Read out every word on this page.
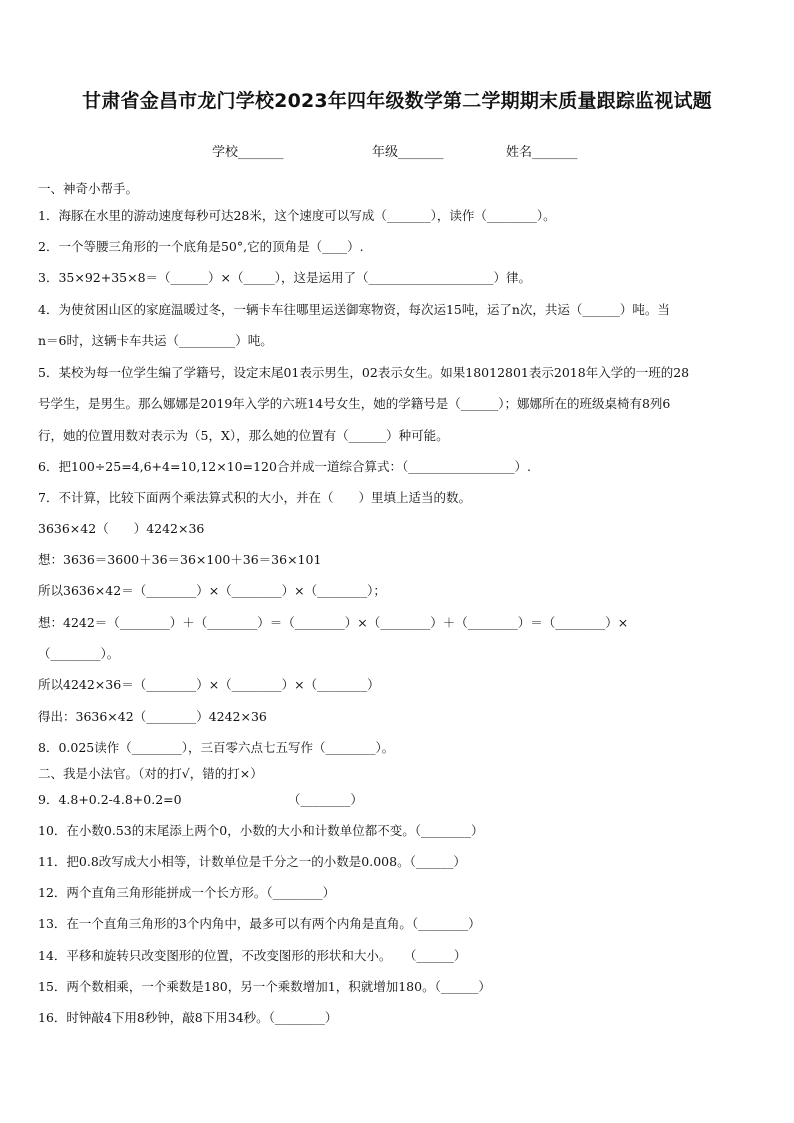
甘肃省金昌市龙门学校2023年四年级数学第二学期期末质量跟踪监视试题
学校_______	年级_______	姓名_______
一、神奇小帮手。
1．海豚在水里的游动速度每秒可达28米，这个速度可以写成（_______），读作（________）。
2．一个等腰三角形的一个底角是50°,它的顶角是（____）.
3．35×92+35×8＝（______）×（_____），这是运用了（____________________）律。
4．为使贫困山区的家庭温暖过冬，一辆卡车往哪里运送御寒物资，每次运15吨，运了n次，共运（______）吨。当
n＝6时，这辆卡车共运（_________）吨。
5．某校为每一位学生编了学籍号，设定末尾01表示男生，02表示女生。如果18012801表示2018年入学的一班的28
号学生，是男生。那么娜娜是2019年入学的六班14号女生，她的学籍号是（______）；娜娜所在的班级桌椅有8列6
行，她的位置用数对表示为（5，X），那么她的位置有（______）种可能。
6．把100÷25=4,6+4=10,12×10=120合并成一道综合算式：（_________________）.
7．不计算，比较下面两个乘法算式积的大小，并在（　　）里填上适当的数。
3636×42（　　）4242×36
想：3636＝3600＋36＝36×100＋36＝36×101
所以3636×42＝（________）×（________）×（________）；
想：4242＝（________）＋（________）＝（________）×（________）＋（________）＝（________）×
（________）。
所以4242×36＝（________）×（________）×（________）
得出：3636×42（________）4242×36
8．0.025读作（________），三百零六点七五写作（________）。
二、我是小法官。（对的打√，错的打×）
9．4.8+0.2-4.8+0.2=0　　　　　　　　　（________）
10．在小数0.53的末尾添上两个0，小数的大小和计数单位都不变。（________）
11．把0.8改写成大小相等，计数单位是千分之一的小数是0.008。（______）
12．两个直角三角形能拼成一个长方形。（________）
13．在一个直角三角形的3个内角中，最多可以有两个内角是直角。（________）
14．平移和旋转只改变图形的位置，不改变图形的形状和大小。　　（______）
15．两个数相乘，一个乘数是180，另一个乘数增加1，积就增加180。（______）
16．时钟敲4下用8秒钟，敲8下用34秒。（________）
